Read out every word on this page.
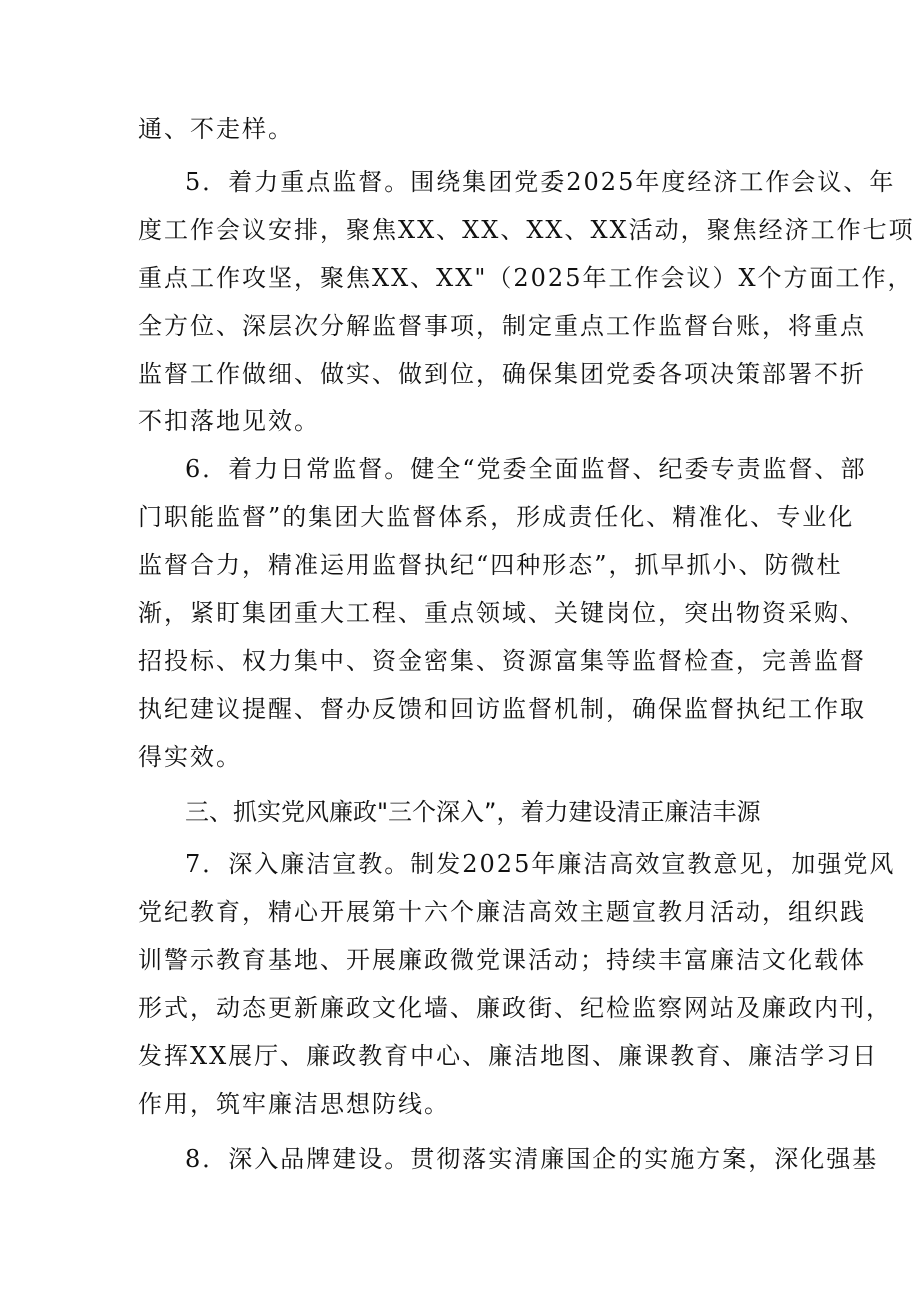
通、不走样。
5．着力重点监督。围绕集团党委2025年度经济工作会议、年
度工作会议安排，聚焦XX、XX、XX、XX活动，聚焦经济工作七项
重点工作攻坚，聚焦XX、XX"（2025年工作会议）X个方面工作，
全方位、深层次分解监督事项，制定重点工作监督台账，将重点
监督工作做细、做实、做到位，确保集团党委各项决策部署不折
不扣落地见效。
6．着力日常监督。健全“党委全面监督、纪委专责监督、部
门职能监督”的集团大监督体系，形成责任化、精准化、专业化
监督合力，精准运用监督执纪“四种形态”，抓早抓小、防微杜
渐，紧盯集团重大工程、重点领域、关键岗位，突出物资采购、
招投标、权力集中、资金密集、资源富集等监督检查，完善监督
执纪建议提醒、督办反馈和回访监督机制，确保监督执纪工作取
得实效。
三、抓实党风廉政"三个深入”，着力建设清正廉洁丰源
7．深入廉洁宣教。制发2025年廉洁高效宣教意见，加强党风
党纪教育，精心开展第十六个廉洁高效主题宣教月活动，组织践
训警示教育基地、开展廉政微党课活动；持续丰富廉洁文化载体
形式，动态更新廉政文化墙、廉政街、纪检监察网站及廉政内刊，
发挥XX展厅、廉政教育中心、廉洁地图、廉课教育、廉洁学习日
作用，筑牢廉洁思想防线。
8．深入品牌建设。贯彻落实清廉国企的实施方案，深化强基
